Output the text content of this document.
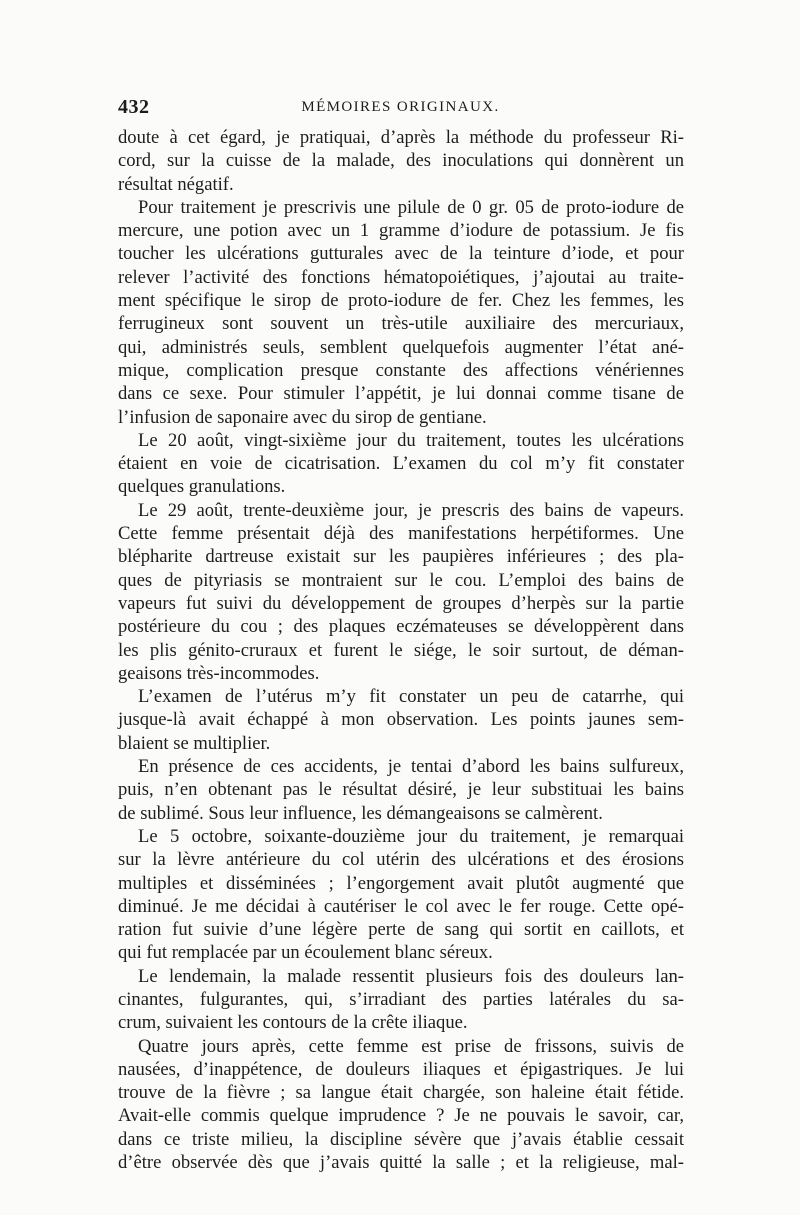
432	MÉMOIRES ORIGINAUX.
doute à cet égard, je pratiquai, d’après la méthode du professeur Ri-
cord, sur la cuisse de la malade, des inoculations qui donnèrent un
résultat négatif.
Pour traitement je prescrivis une pilule de 0 gr. 05 de proto-iodure de
mercure, une potion avec un 1 gramme d’iodure de potassium. Je fis
toucher les ulcérations gutturales avec de la teinture d’iode, et pour
relever l’activité des fonctions hématopoiétiques, j’ajoutai au traite-
ment spécifique le sirop de proto-iodure de fer. Chez les femmes, les
ferrugineux sont souvent un très-utile auxiliaire des mercuriaux,
qui, administrés seuls, semblent quelquefois augmenter l’état ané-
mique, complication presque constante des affections vénériennes
dans ce sexe. Pour stimuler l’appétit, je lui donnai comme tisane de
l’infusion de saponaire avec du sirop de gentiane.
Le 20 août, vingt-sixième jour du traitement, toutes les ulcérations
étaient en voie de cicatrisation. L’examen du col m’y fit constater
quelques granulations.
Le 29 août, trente-deuxième jour, je prescris des bains de vapeurs.
Cette femme présentait déjà des manifestations herpétiformes. Une
blépharite dartreuse existait sur les paupières inférieures ; des pla-
ques de pityriasis se montraient sur le cou. L’emploi des bains de
vapeurs fut suivi du développement de groupes d’herpès sur la partie
postérieure du cou ; des plaques eczémateuses se développèrent dans
les plis génito-cruraux et furent le siége, le soir surtout, de déman-
geaisons très-incommodes.
L’examen de l’utérus m’y fit constater un peu de catarrhe, qui
jusque-là avait échappé à mon observation. Les points jaunes sem-
blaient se multiplier.
En présence de ces accidents, je tentai d’abord les bains sulfureux,
puis, n’en obtenant pas le résultat désiré, je leur substituai les bains
de sublimé. Sous leur influence, les démangeaisons se calmèrent.
Le 5 octobre, soixante-douzième jour du traitement, je remarquai
sur la lèvre antérieure du col utérin des ulcérations et des érosions
multiples et disséminées ; l’engorgement avait plutôt augmenté que
diminué. Je me décidai à cautériser le col avec le fer rouge. Cette opé-
ration fut suivie d’une légère perte de sang qui sortit en caillots, et
qui fut remplacée par un écoulement blanc séreux.
Le lendemain, la malade ressentit plusieurs fois des douleurs lan-
cinantes, fulgurantes, qui, s’irradiant des parties latérales du sa-
crum, suivaient les contours de la crête iliaque.
Quatre jours après, cette femme est prise de frissons, suivis de
nausées, d’inappétence, de douleurs iliaques et épigastriques. Je lui
trouve de la fièvre ; sa langue était chargée, son haleine était fétide.
Avait-elle commis quelque imprudence ? Je ne pouvais le savoir, car,
dans ce triste milieu, la discipline sévère que j’avais établie cessait
d’être observée dès que j’avais quitté la salle ; et la religieuse, mal-
